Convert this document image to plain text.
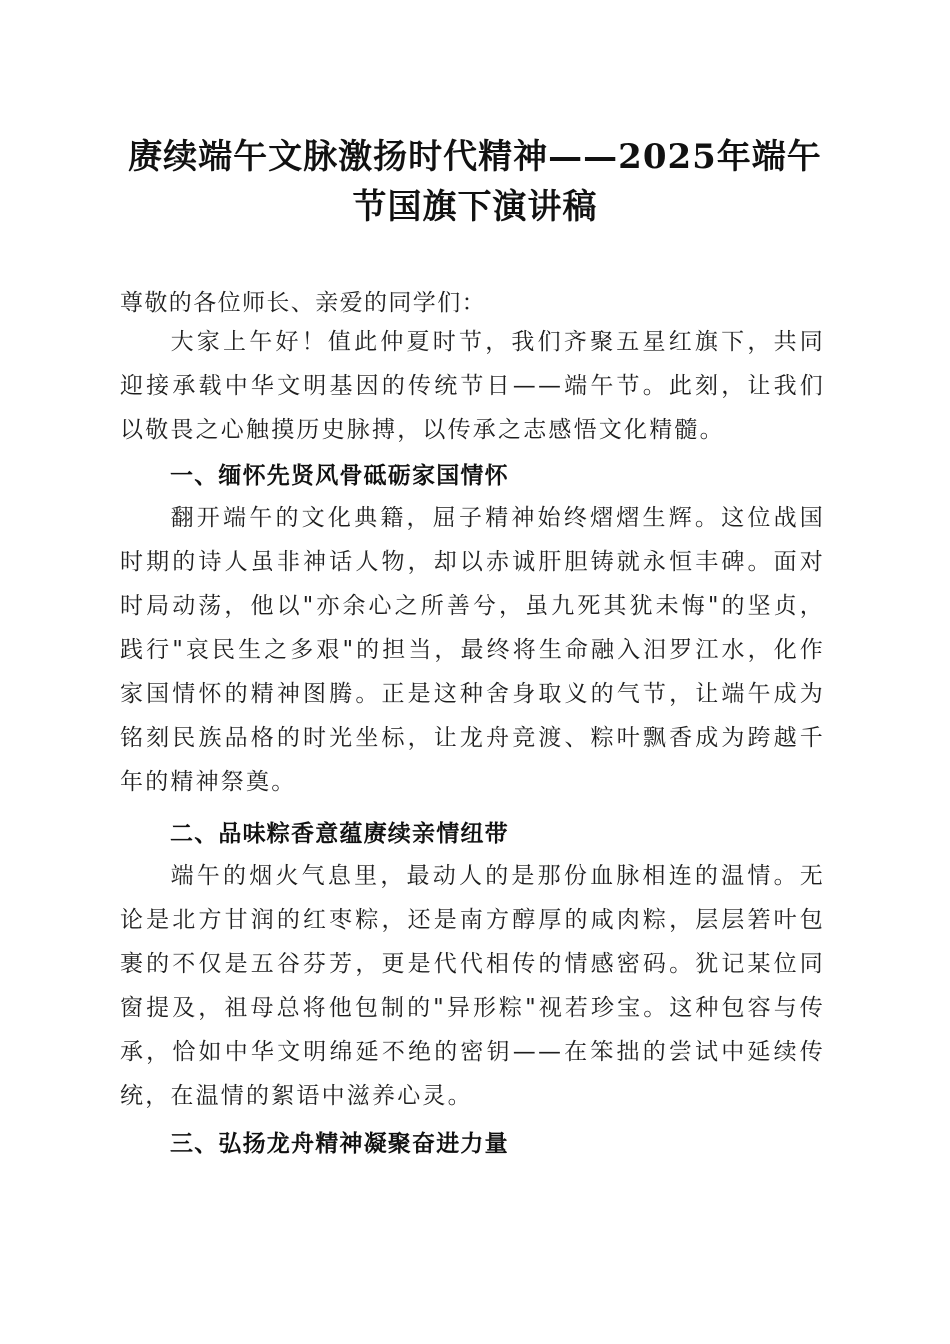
赓续端午文脉激扬时代精神——2025年端午
节国旗下演讲稿

尊敬的各位师长、亲爱的同学们：

大家上午好！值此仲夏时节，我们齐聚五星红旗下，共同迎接承载中华文明基因的传统节日——端午节。此刻，让我们以敬畏之心触摸历史脉搏，以传承之志感悟文化精髓。

一、缅怀先贤风骨砥砺家国情怀

翻开端午的文化典籍，屈子精神始终熠熠生辉。这位战国时期的诗人虽非神话人物，却以赤诚肝胆铸就永恒丰碑。面对时局动荡，他以"亦余心之所善兮，虽九死其犹未悔"的坚贞，践行"哀民生之多艰"的担当，最终将生命融入汨罗江水，化作家国情怀的精神图腾。正是这种舍身取义的气节，让端午成为铭刻民族品格的时光坐标，让龙舟竞渡、粽叶飘香成为跨越千年的精神祭奠。

二、品味粽香意蕴赓续亲情纽带

端午的烟火气息里，最动人的是那份血脉相连的温情。无论是北方甘润的红枣粽，还是南方醇厚的咸肉粽，层层箬叶包裹的不仅是五谷芬芳，更是代代相传的情感密码。犹记某位同窗提及，祖母总将他包制的"异形粽"视若珍宝。这种包容与传承，恰如中华文明绵延不绝的密钥——在笨拙的尝试中延续传统，在温情的絮语中滋养心灵。

三、弘扬龙舟精神凝聚奋进力量
